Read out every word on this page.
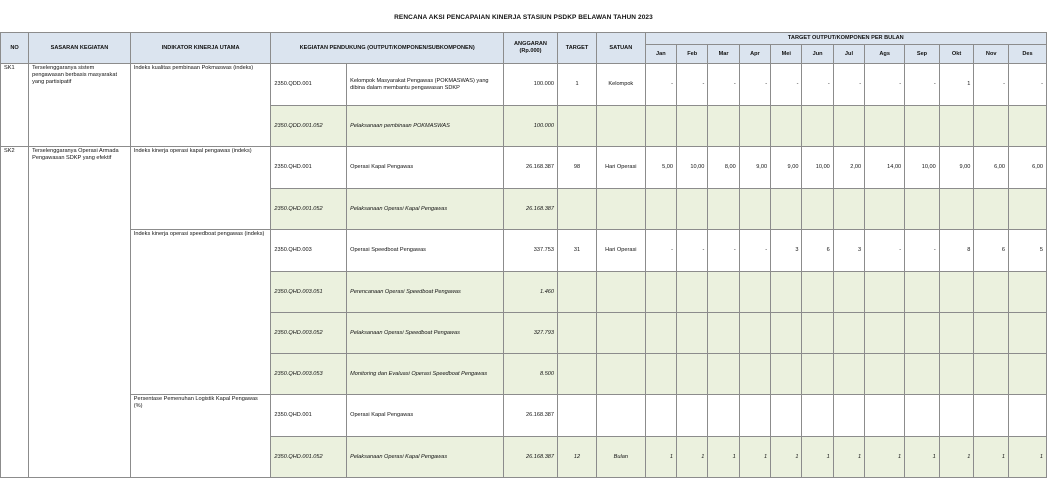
RENCANA AKSI PENCAPAIAN KINERJA STASIUN PSDKP BELAWAN TAHUN 2023
NO	SASARAN KEGIATAN	INDIKATOR KINERJA UTAMA	KEGIATAN PENDUKUNG (OUTPUT/KOMPONEN/SUBKOMPONEN)		ANGGARAN (Rp.000)	TARGET	SATUAN	TARGET OUTPUT/KOMPONEN PER BULAN											
								Jan	Feb	Mar	Apr	Mei	Jun	Jul	Ags	Sep	Okt	Nov	Des
SK1	Terselenggaranya sistem pengawasan berbasis masyarakat yang partisipatif	Indeks kualitas pembinaan Pokmaswas (indeks)	2350.QDD.001	Kelompok Masyarakat Pengawas (POKMASWAS) yang dibina dalam membantu pengawasan SDKP	100.000	1	Kelompok	-	-	-	-	-	-	-	-	-	1	-	-
			2350.QDD.001.052	Pelaksanaan pembinaan POKMASWAS	100.000														
SK2	Terselenggaranya Operasi Armada Pengawasan SDKP yang efektif	Indeks kinerja operasi kapal pengawas (indeks)	2350.QHD.001	Operasi Kapal Pengawas	26.168.387	98	Hari Operasi	5,00	10,00	8,00	9,00	9,00	10,00	2,00	14,00	10,00	9,00	6,00	6,00
			2350.QHD.001.052	Pelaksanaan Operasi Kapal Pengawas	26.168.387														
		Indeks kinerja operasi speedboat pengawas (indeks)	2350.QHD.003	Operasi Speedboat Pengawas	337.753	31	Hari Operasi	-	-	-	-	3	6	3	-	-	8	6	5
			2350.QHD.003.051	Perencanaan Operasi Speedboat Pengawas	1.460														
			2350.QHD.003.052	Pelaksanaan Operasi Speedboat Pengawas	327.793														
			2350.QHD.003.053	Monitoring dan Evaluasi Operasi Speedboat Pengawas	8.500														
		Persentase Pemenuhan Logistik Kapal Pengawas (%)	2350.QHD.001	Operasi Kapal Pengawas	26.168.387														
			2350.QHD.001.052	Pelaksanaan Operasi Kapal Pengawas	26.168.387	12	Bulan	1	1	1	1	1	1	1	1	1	1	1	1
